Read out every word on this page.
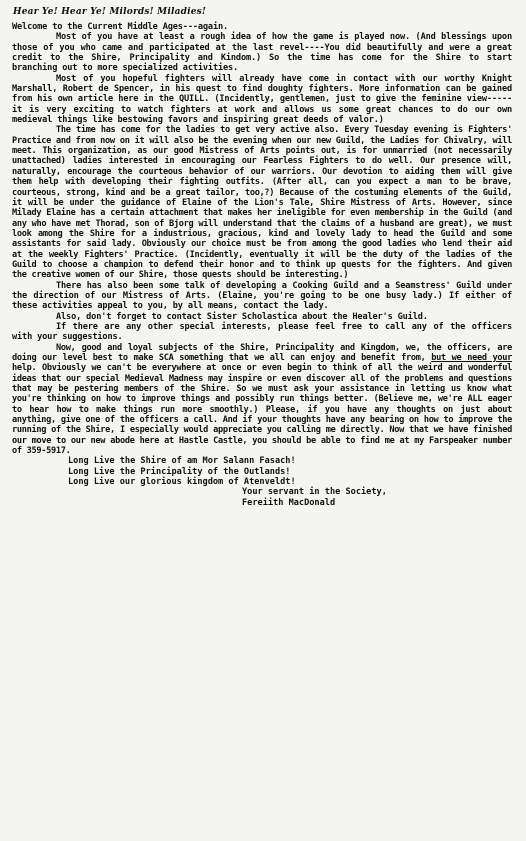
Hear Ye! Hear Ye! Milords! Miladies!

Welcome to the Current Middle Ages---again.

Most of you have at least a rough idea of how the game is played now. (And blessings upon those of you who came and participated at the last revel----You did beautifully and were a great credit to the Shire, Principality and Kindom.) So the time has come for the Shire to start branching out to more specialized activities.

Most of you hopeful fighters will already have come in contact with our worthy Knight Marshall, Robert de Spencer, in his quest to find doughty fighters. More information can be gained from his own article here in the QUILL. (Incidently, gentlemen, just to give the feminine view-----it is very exciting to watch fighters at work and allows us some great chances to do our own medieval things like bestowing favors and inspiring great deeds of valor.)

The time has come for the ladies to get very active also. Every Tuesday evening is Fighters' Practice and from now on it will also be the evening when our new Guild, the Ladies for Chivalry, will meet. This organization, as our good Mistress of Arts points out, is for unmarried (not necessarily unattached) ladies interested in encouraging our Fearless Fighters to do well. Our presence will, naturally, encourage the courteous behavior of our warriors. Our devotion to aiding them will give them help with developing their fighting outfits. (After all, can you expect a man to be brave, courteous, strong, kind and be a great tailor, too,?) Because of the costuming elements of the Guild, it will be under the guidance of Elaine of the Lion's Tale, Shire Mistress of Arts. However, since Milady Elaine has a certain attachment that makes her ineligible for even membership in the Guild (and any who have met Thorad, son of Bjorg will understand that the claims of a husband are great), we must look among the Shire for a industrious, gracious, kind and lovely lady to head the Guild and some assistants for said lady. Obviously our choice must be from among the good ladies who lend their aid at the weekly Fighters' Practice. (Incidently, eventually it will be the duty of the ladies of the Guild to choose a champion to defend their honor and to think up quests for the fighters. And given the creative women of our Shire, those quests should be interesting.)

There has also been some talk of developing a Cooking Guild and a Seamstress' Guild under the direction of our Mistress of Arts. (Elaine, you're going to be one busy lady.) If either of these activities appeal to you, by all means, contact the lady.

Also, don't forget to contact Sister Scholastica about the Healer's Guild.

If there are any other special interests, please feel free to call any of the officers with your suggestions.

Now, good and loyal subjects of the Shire, Principality and Kingdom, we, the officers, are doing our level best to make SCA something that we all can enjoy and benefit from, but we need your help. Obviously we can't be everywhere at once or even begin to think of all the weird and wonderful ideas that our special Medieval Madness may inspire or even discover all of the problems and questions that may be pestering members of the Shire. So we must ask your assistance in letting us know what you're thinking on how to improve things and possibly run things better. (Believe me, we're ALL eager to hear how to make things run more smoothly.) Please, if you have any thoughts on just about anything, give one of the officers a call. And if your thoughts have any bearing on how to improve the running of the Shire, I especially would appreciate you calling me directly. Now that we have finished our move to our new abode here at Hastle Castle, you should be able to find me at my Farspeaker number of 359-5917.

Long Live the Shire of am Mor Salann Fasach!
Long Live the Principality of the Outlands!
Long Live our glorious kingdom of Atenveldt!
Your servant in the Society,
Fereiith MacDonald
